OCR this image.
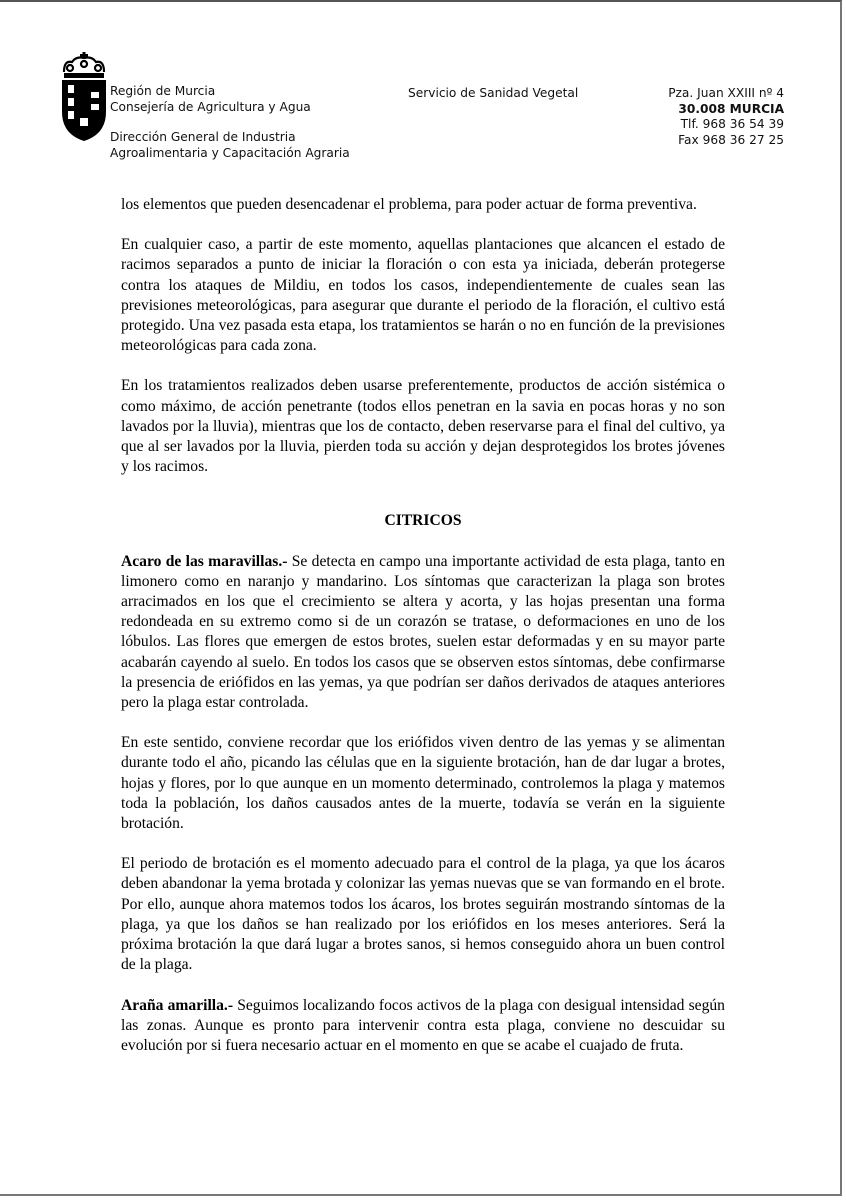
Región de Murcia
Consejería de Agricultura y Agua
Dirección General de Industria
Agroalimentaria y Capacitación Agraria
Servicio de Sanidad Vegetal	Pza. Juan XXIII nº 4
30.008 MURCIA
Tlf. 968 36 54 39
Fax 968 36 27 25

los elementos que pueden desencadenar el problema, para poder actuar de forma preventiva.

En cualquier caso, a partir de este momento, aquellas plantaciones que alcancen el estado de racimos separados a punto de iniciar la floración o con esta ya iniciada, deberán protegerse contra los ataques de Mildiu, en todos los casos, independientemente de cuales sean las previsiones meteorológicas, para asegurar que durante el periodo de la floración, el cultivo está protegido. Una vez pasada esta etapa, los tratamientos se harán o no en función de la previsiones meteorológicas para cada zona.

En los tratamientos realizados deben usarse preferentemente, productos de acción sistémica o como máximo, de acción penetrante (todos ellos penetran en la savia en pocas horas y no son lavados por la lluvia), mientras que los de contacto, deben reservarse para el final del cultivo, ya que al ser lavados por la lluvia, pierden toda su acción y dejan desprotegidos los brotes jóvenes y los racimos.

CITRICOS

Acaro de las maravillas.- Se detecta en campo una importante actividad de esta plaga, tanto en limonero como en naranjo y mandarino. Los síntomas que caracterizan la plaga son brotes arracimados en los que el crecimiento se altera y acorta, y las hojas presentan una forma redondeada en su extremo como si de un corazón se tratase, o deformaciones en uno de los lóbulos. Las flores que emergen de estos brotes, suelen estar deformadas y en su mayor parte acabarán cayendo al suelo. En todos los casos que se observen estos síntomas, debe confirmarse la presencia de eriófidos en las yemas, ya que podrían ser daños derivados de ataques anteriores pero la plaga estar controlada.

En este sentido, conviene recordar que los eriófidos viven dentro de las yemas y se alimentan durante todo el año, picando las células que en la siguiente brotación, han de dar lugar a brotes, hojas y flores, por lo que aunque en un momento determinado, controlemos la plaga y matemos toda la población, los daños causados antes de la muerte, todavía se verán en la siguiente brotación.

El periodo de brotación es el momento adecuado para el control de la plaga, ya que los ácaros deben abandonar la yema brotada y colonizar las yemas nuevas que se van formando en el brote. Por ello, aunque ahora matemos todos los ácaros, los brotes seguirán mostrando síntomas de la plaga, ya que los daños se han realizado por los eriófidos en los meses anteriores. Será la próxima brotación la que dará lugar a brotes sanos, si hemos conseguido ahora un buen control de la plaga.

Araña amarilla.- Seguimos localizando focos activos de la plaga con desigual intensidad según las zonas. Aunque es pronto para intervenir contra esta plaga, conviene no descuidar su evolución por si fuera necesario actuar en el momento en que se acabe el cuajado de fruta.
